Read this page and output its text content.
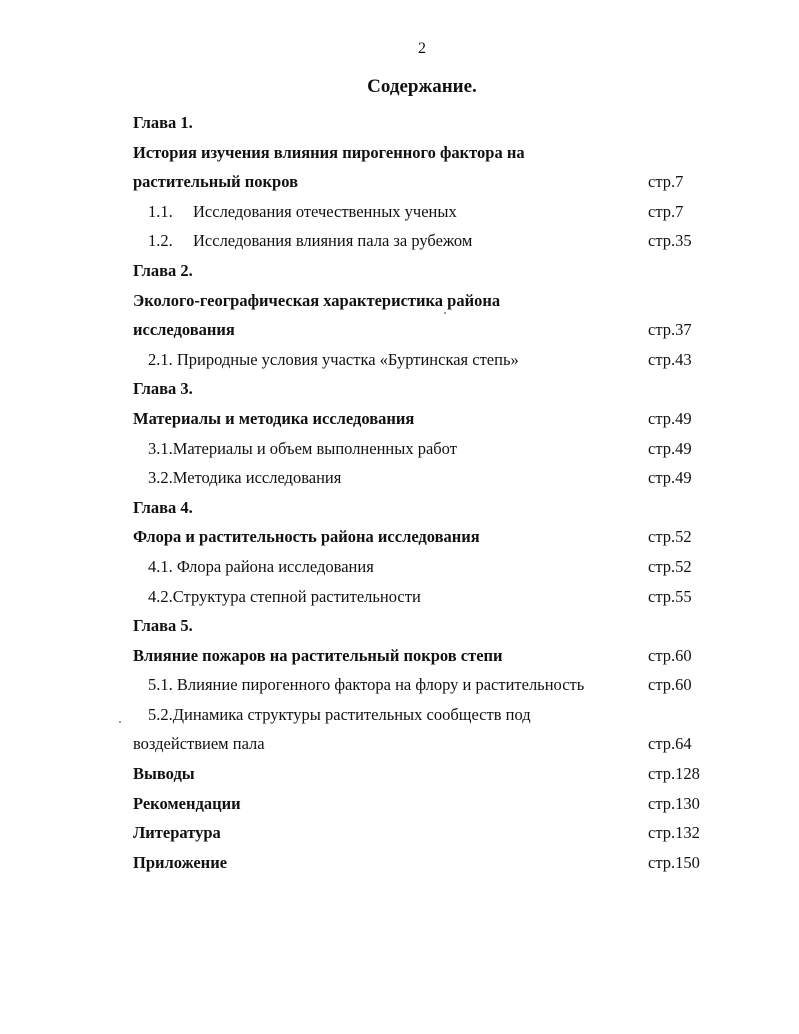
2
Содержание.
Глава 1.
История изучения влияния пирогенного фактора на
растительный покров	стр.7
1.1. Исследования отечественных ученых	стр.7
1.2. Исследования влияния пала за рубежом	стр.35
Глава 2.
Эколого-географическая характеристика района
исследования	стр.37
2.1. Природные условия участка «Буртинская степь»	стр.43
Глава 3.
Материалы и методика исследования	стр.49
3.1.Материалы и объем выполненных работ	стр.49
3.2.Методика исследования	стр.49
Глава 4.
Флора и растительность района исследования	стр.52
4.1. Флора района исследования	стр.52
4.2.Структура степной растительности	стр.55
Глава 5.
Влияние пожаров на растительный покров степи	стр.60
5.1. Влияние пирогенного фактора на флору и растительность	стр.60
5.2.Динамика структуры растительных сообществ под
воздействием пала	стр.64
Выводы	стр.128
Рекомендации	стр.130
Литература	стр.132
Приложение	стр.150
